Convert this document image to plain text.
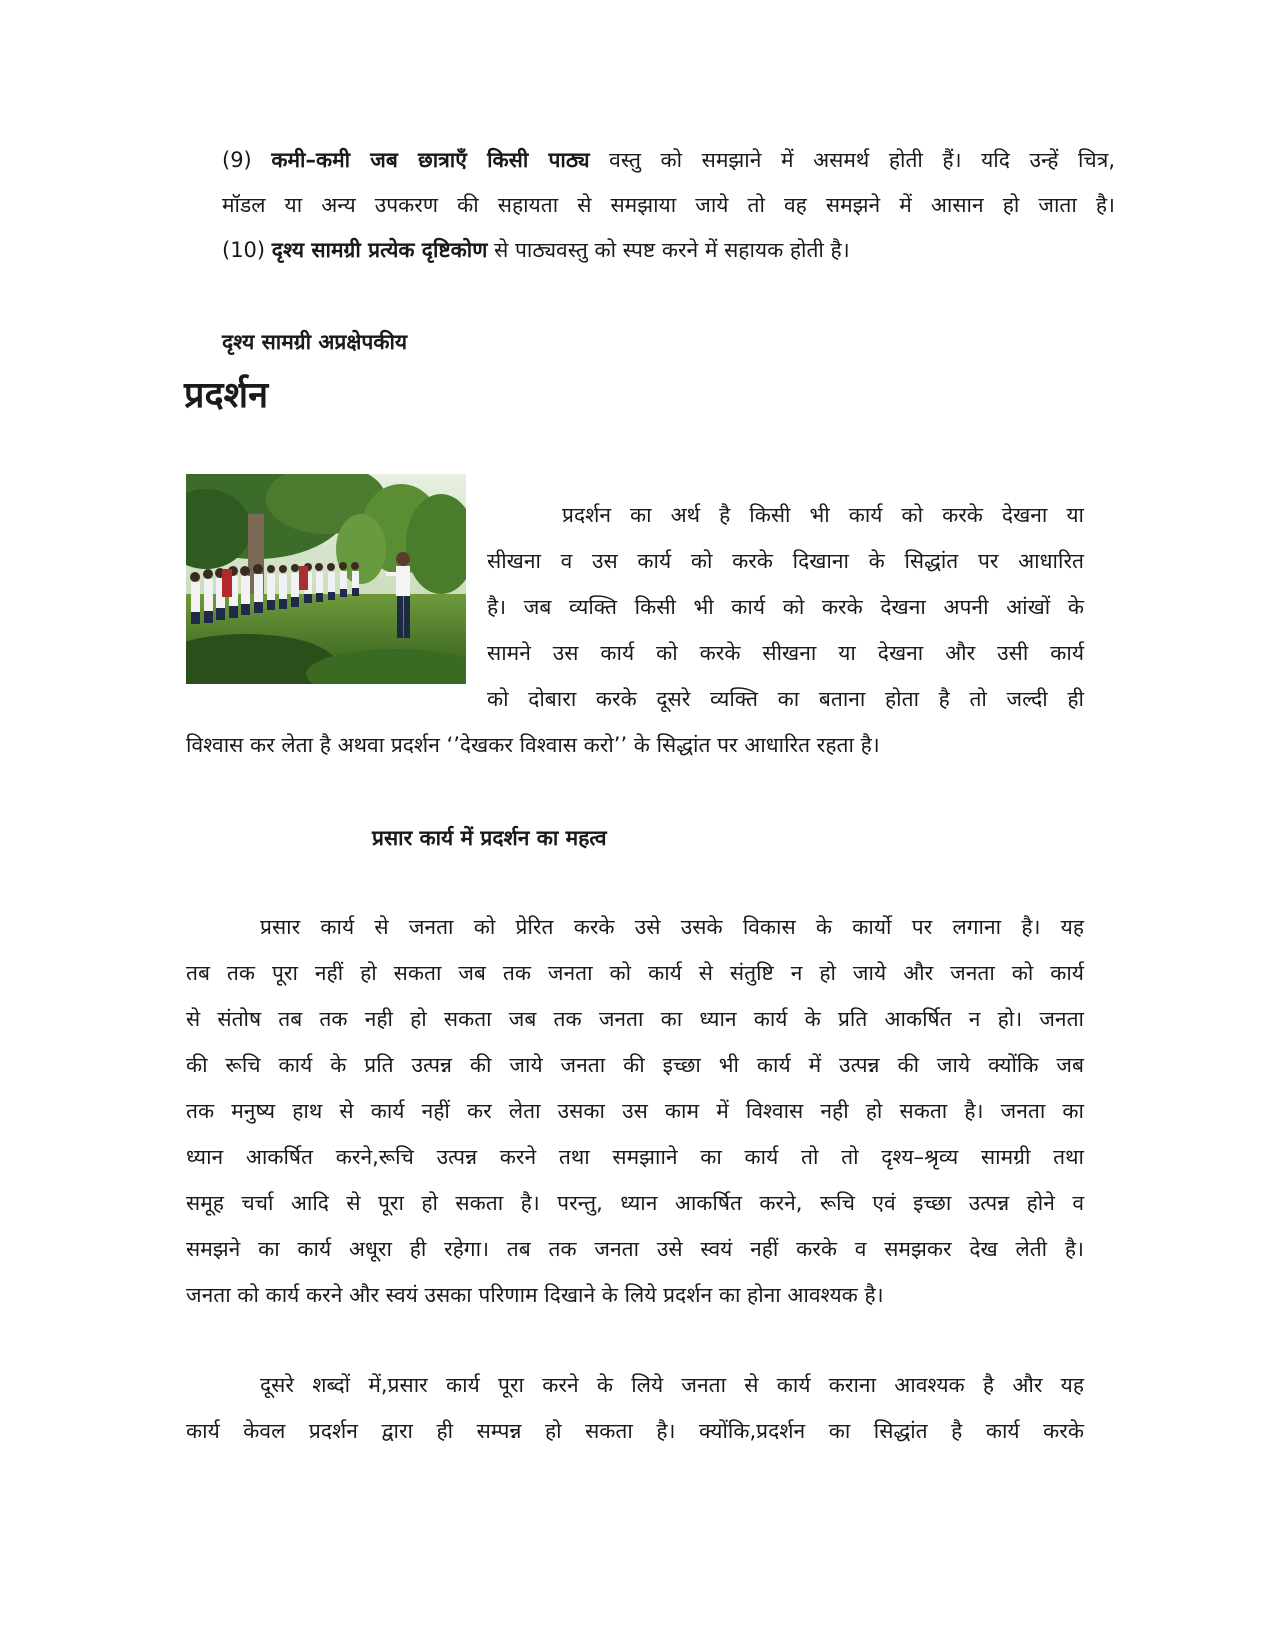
(9) कमी–कमी जब छात्राऍं किसी पाठ्य वस्तु को समझाने में असमर्थ होती हैं। यदि उन्हें चित्र,
मॉडल या अन्य उपकरण की सहायता से समझाया जाये तो वह समझने में आसान हो जाता है।
(10) दृश्य सामग्री प्रत्येक दृष्टिकोण से पाठ्यवस्तु को स्पष्ट करने में सहायक होती है।
दृश्य सामग्री अप्रक्षेपकीय
प्रदर्शन
प्रदर्शन का अर्थ है किसी भी कार्य को करके देखना या
सीखना व उस कार्य को करके दिखाना के सिद्धांत पर आधारित
है। जब व्यक्ति किसी भी कार्य को करके देखना अपनी आंखों के
सामने उस कार्य को करके सीखना या देखना और उसी कार्य
को दोबारा करके दूसरे व्यक्ति का बताना होता है तो जल्दी ही
विश्वास कर लेता है अथवा प्रदर्शन ‘’देखकर विश्वास करो’’ के सिद्धांत पर आधारित रहता है।
प्रसार कार्य में प्रदर्शन का महत्व
प्रसार कार्य से जनता को प्रेरित करके उसे उसके विकास के कार्यो पर लगाना है। यह
तब तक पूरा नहीं हो सकता जब तक जनता को कार्य से संतुष्टि न हो जाये और जनता को कार्य
से संतोष तब तक नही हो सकता जब तक जनता का ध्यान कार्य के प्रति आकर्षित न हो। जनता
की रूचि कार्य के प्रति उत्पन्न की जाये जनता की इच्छा भी कार्य में उत्पन्न की जाये क्योंकि जब
तक मनुष्य हाथ से कार्य नहीं कर लेता उसका उस काम में विश्वास नही हो सकता है। जनता का
ध्यान आकर्षित करने,रूचि उत्पन्न करने तथा समझााने का कार्य तो तो दृश्य–श्रृव्य सामग्री तथा
समूह चर्चा आदि से पूरा हो सकता है। परन्तु, ध्यान आकर्षित करने, रूचि एवं इच्छा उत्पन्न होने व
समझने का कार्य अधूरा ही रहेगा। तब तक जनता उसे स्वयं नहीं करके व समझकर देख लेती है।
जनता को कार्य करने और स्वयं उसका परिणाम दिखाने के लिये प्रदर्शन का होना आवश्यक है।
दूसरे शब्दों में,प्रसार कार्य पूरा करने के लिये जनता से कार्य कराना आवश्यक है और यह
कार्य केवल प्रदर्शन द्वारा ही सम्पन्न हो सकता है। क्योंकि,प्रदर्शन का सिद्धांत है कार्य करके
